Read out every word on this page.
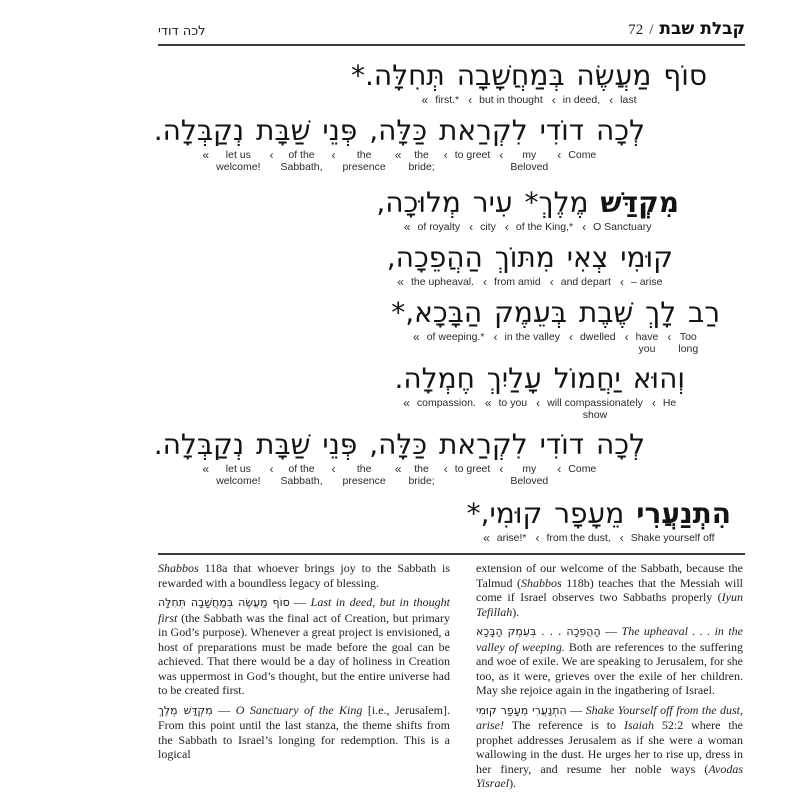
לכה דודי	72 / קבלת שבת
סוֹף מַעֲשֶׂה בְּמַחֲשָׁבָה תְּחִלָּה.*
« first.* ‹ but in thought ‹ in deed, ‹ last
לְכָה דוֹדִי לִקְרַאת כַּלָּה, פְּנֵי שַׁבָּת נְקַבְּלָה.
« let us
welcome!
‹ of the
Sabbath,
‹ the
presence
« the
bride;
‹ to greet ‹ my
Beloved
‹ Come
מִקְדַּשׁ מֶלֶךְ* עִיר מְלוּכָה,
« of royalty ‹ city ‹ of the King,* ‹ O Sanctuary
קוּמִי צְאִי מִתּוֹךְ הַהֲפֵכָה,
« the upheaval. ‹ from amid ‹ and depart ‹ – arise
רַב לָךְ שֶׁבֶת בְּעֵמֶק הַבָּכָא,*
« of weeping.* ‹ in the valley ‹ dwelled ‹ have
you
‹ Too
long
וְהוּא יַחֲמוֹל עָלַיִךְ חֶמְלָה.
« compassion. « to you ‹ will compassionately
show
‹ He
לְכָה דוֹדִי לִקְרַאת כַּלָּה, פְּנֵי שַׁבָּת נְקַבְּלָה.
« let us
welcome!
‹ of the
Sabbath,
‹ the
presence
« the
bride;
‹ to greet ‹ my
Beloved
‹ Come
הִתְנַעֲרִי מֵעָפָר קוּמִי,*
« arise!* ‹ from the dust, ‹ Shake yourself off

Shabbos 118a that whoever brings joy to the Sabbath is rewarded with a boundless legacy of blessing.

סוֹף מַעֲשֶׂה בְּמַחֲשָׁבָה תְּחִלָּה — Last in deed, but in thought first (the Sabbath was the final act of Creation, but primary in God’s purpose). Whenever a great project is envisioned, a host of preparations must be made before the goal can be achieved. That there would be a day of holiness in Creation was uppermost in God’s thought, but the entire universe had to be created first.

מִקְדַּשׁ מֶלֶךְ — O Sanctuary of the King [i.e., Jerusalem]. From this point until the last stanza, the theme shifts from the Sabbath to Israel’s longing for redemption. This is a logical

extension of our welcome of the Sabbath, because the Talmud (Shabbos 118b) teaches that the Messiah will come if Israel observes two Sabbaths properly (Iyun Tefillah).

הַהֲפֵכָה . . . בְּעֵמֶק הַבָּכָא — The upheaval . . . in the valley of weeping. Both are references to the suffering and woe of exile. We are speaking to Jerusalem, for she too, as it were, grieves over the exile of her children. May she rejoice again in the ingathering of Israel.

הִתְנַעֲרִי מֵעָפָר קוּמִי — Shake Yourself off from the dust, arise! The reference is to Isaiah 52:2 where the prophet addresses Jerusalem as if she were a woman wallowing in the dust. He urges her to rise up, dress in her finery, and resume her noble ways (Avodas Yisrael).
